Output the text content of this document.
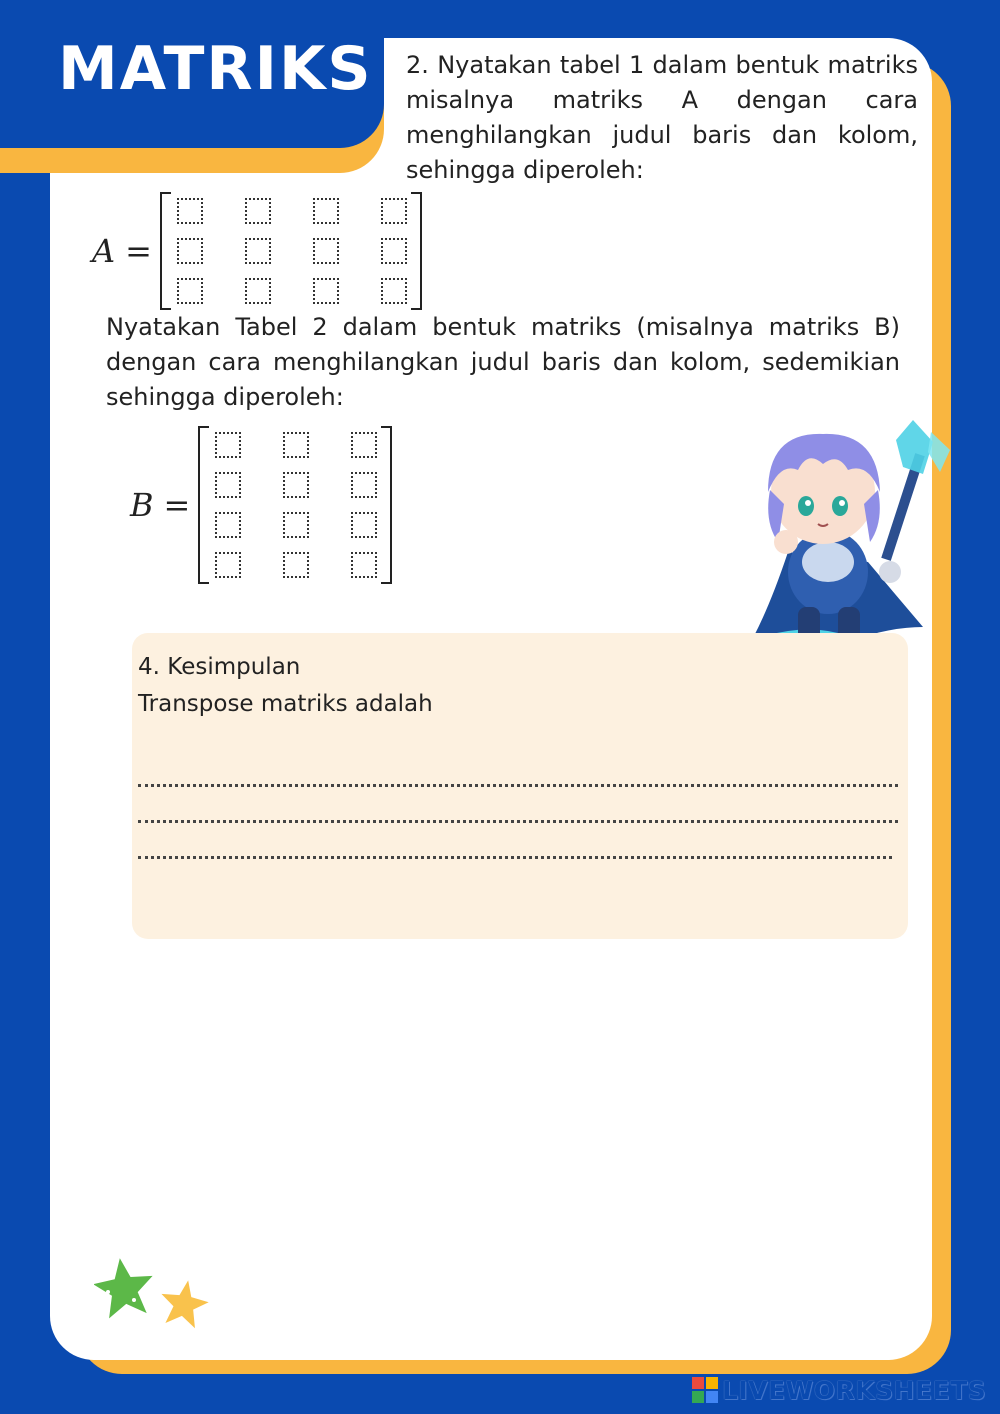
MATRIKS 2. Nyatakan tabel 1 dalam bentuk matriks misalnya matriks A dengan cara menghilangkan judul baris dan kolom, sehingga diperoleh:

A =

Nyatakan Tabel 2 dalam bentuk matriks (misalnya matriks B) dengan cara menghilangkan judul baris dan kolom, sedemikian sehingga diperoleh:

B =

4. Kesimpulan

Transpose matriks adalah

LIVEWORKSHEETS
